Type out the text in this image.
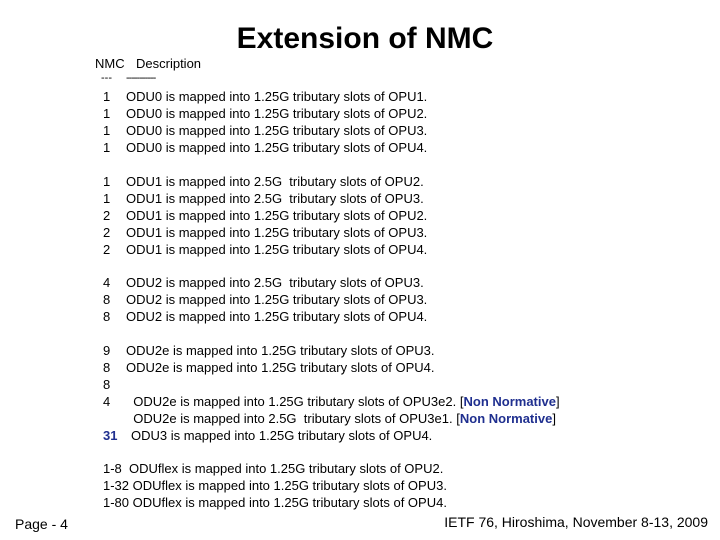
Extension of NMC
NMC Description
--- -----------
1 ODU0 is mapped into 1.25G tributary slots of OPU1.
1 ODU0 is mapped into 1.25G tributary slots of OPU2.
1 ODU0 is mapped into 1.25G tributary slots of OPU3.
1 ODU0 is mapped into 1.25G tributary slots of OPU4.
1 ODU1 is mapped into 2.5G  tributary slots of OPU2.
1 ODU1 is mapped into 2.5G  tributary slots of OPU3.
2 ODU1 is mapped into 1.25G tributary slots of OPU2.
2 ODU1 is mapped into 1.25G tributary slots of OPU3.
2 ODU1 is mapped into 1.25G tributary slots of OPU4.
4 ODU2 is mapped into 2.5G  tributary slots of OPU3.
8 ODU2 is mapped into 1.25G tributary slots of OPU3.
8 ODU2 is mapped into 1.25G tributary slots of OPU4.
9 ODU2e is mapped into 1.25G tributary slots of OPU3.
8 ODU2e is mapped into 1.25G tributary slots of OPU4.
8

ODU2e is mapped into 1.25G tributary slots of OPU3e2. [Non Normative]

4

ODU2e is mapped into 2.5G  tributary slots of OPU3e1. [Non Normative]

31 ODU3 is mapped into 1.25G tributary slots of OPU4.
1-8  ODUflex is mapped into 1.25G tributary slots of OPU2.
1-32 ODUflex is mapped into 1.25G tributary slots of OPU3.
1-80 ODUflex is mapped into 1.25G tributary slots of OPU4.
Page - 4	IETF 76, Hiroshima, November 8-13, 2009
